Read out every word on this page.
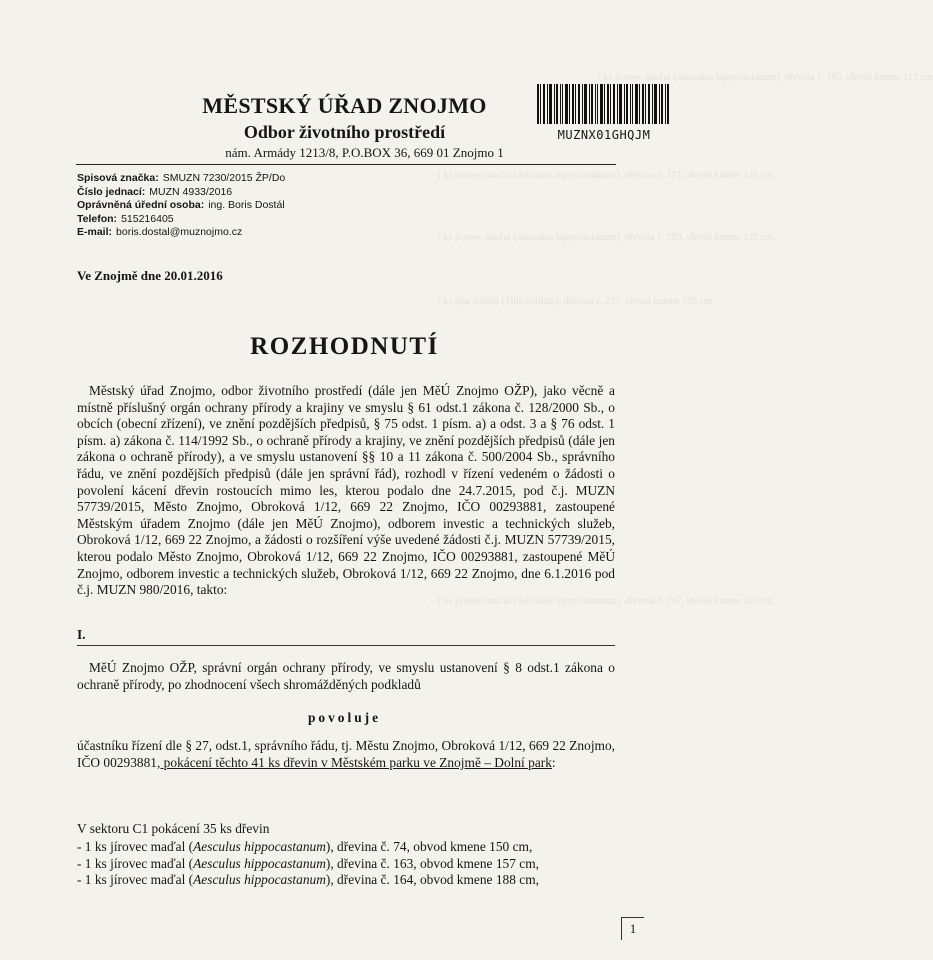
- 1 ks jírovec maďal (Aesculus hippocastanum), dřevina č. 165, obvod kmene 112 cm
- 1 ks jírovec maďal (Aesculus hippocastanum), dřevina č. 171, obvod kmene 141 cm,
- 1 ks jírovec maďal (Aesculus hippocastanum), dřevina č. 209, obvod kmene 120 cm,
- 1 ks lípa srdčitá (Tilia cordata), dřevina č. 227, obvod kmene 109 cm,
- 1 ks jírovec maďal (Aesculus hippocastanum), dřevina č. 267, obvod kmene 245 cm,
MĚSTSKÝ ÚŘAD ZNOJMO
Odbor životního prostředí
nám. Armády 1213/8, P.O.BOX 36, 669 01 Znojmo 1
MUZNX01GHQJM
Spisová značka: SMUZN 7230/2015 ŽP/Do
Číslo jednací: MUZN 4933/2016
Oprávněná úřední osoba: ing. Boris Dostál
Telefon: 515216405
E-mail: boris.dostal@muznojmo.cz
Ve Znojmě dne 20.01.2016
ROZHODNUTÍ
Městský úřad Znojmo, odbor životního prostředí (dále jen MěÚ Znojmo OŽP), jako věcně a místně příslušný orgán ochrany přírody a krajiny ve smyslu § 61 odst.1 zákona č. 128/2000 Sb., o obcích (obecní zřízení), ve znění pozdějších předpisů, § 75 odst. 1 písm. a) a odst. 3 a § 76 odst. 1 písm. a) zákona č. 114/1992 Sb., o ochraně přírody a krajiny, ve znění pozdějších předpisů (dále jen zákona o ochraně přírody), a ve smyslu ustanovení §§ 10 a 11 zákona č. 500/2004 Sb., správního řádu, ve znění pozdějších předpisů (dále jen správní řád), rozhodl v řízení vedeném o žádosti o povolení kácení dřevin rostoucích mimo les, kterou podalo dne 24.7.2015, pod č.j. MUZN 57739/2015, Město Znojmo, Obroková 1/12, 669 22 Znojmo, IČO 00293881, zastoupené Městským úřadem Znojmo (dále jen MěÚ Znojmo), odborem investic a technických služeb, Obroková 1/12, 669 22 Znojmo, a žádosti o rozšíření výše uvedené žádosti č.j. MUZN 57739/2015, kterou podalo Město Znojmo, Obroková 1/12, 669 22 Znojmo, IČO 00293881, zastoupené MěÚ Znojmo, odborem investic a technických služeb, Obroková 1/12, 669 22 Znojmo, dne 6.1.2016 pod č.j. MUZN 980/2016, takto:
I.
MěÚ Znojmo OŽP, správní orgán ochrany přírody, ve smyslu ustanovení § 8 odst.1 zákona o ochraně přírody, po zhodnocení všech shromážděných podkladů
povoluje
účastníku řízení dle § 27, odst.1, správního řádu, tj. Městu Znojmo, Obroková 1/12, 669 22 Znojmo, IČO 00293881, pokácení těchto 41 ks dřevin v Městském parku ve Znojmě – Dolní park:
V sektoru C1 pokácení 35 ks dřevin
- 1 ks jírovec maďal (Aesculus hippocastanum), dřevina č. 74, obvod kmene 150 cm,
- 1 ks jírovec maďal (Aesculus hippocastanum), dřevina č. 163, obvod kmene 157 cm,
- 1 ks jírovec maďal (Aesculus hippocastanum), dřevina č. 164, obvod kmene 188 cm,
1
